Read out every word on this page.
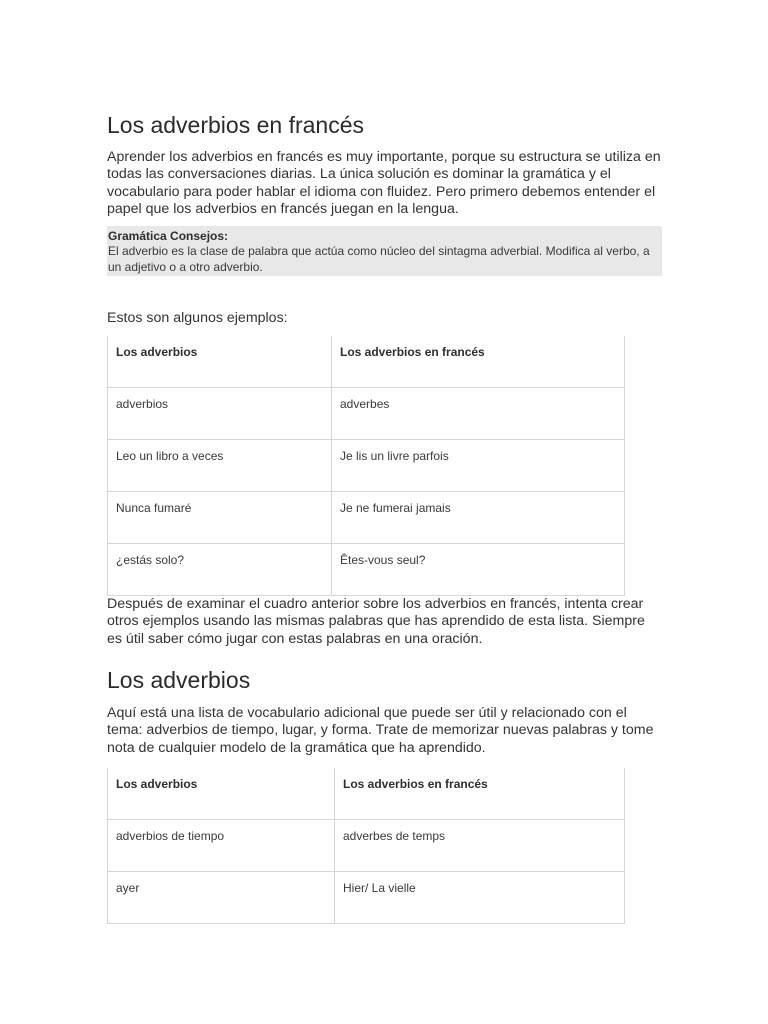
Los adverbios en francés

Aprender los adverbios en francés es muy importante, porque su estructura se utiliza en todas las conversaciones diarias. La única solución es dominar la gramática y el vocabulario para poder hablar el idioma con fluidez. Pero primero debemos entender el papel que los adverbios en francés juegan en la lengua.

Gramática Consejos:
El adverbio es la clase de palabra que actúa como núcleo del sintagma adverbial. Modifica al verbo, a un adjetivo o a otro adverbio.

Estos son algunos ejemplos:

Los adverbios	Los adverbios en francés
adverbios	adverbes
Leo un libro a veces	Je lis un livre parfois
Nunca fumaré	Je ne fumerai jamais
¿estás solo?	Êtes-vous seul?

Después de examinar el cuadro anterior sobre los adverbios en francés, intenta crear otros ejemplos usando las mismas palabras que has aprendido de esta lista. Siempre es útil saber cómo jugar con estas palabras en una oración.

Los adverbios

Aquí está una lista de vocabulario adicional que puede ser útil y relacionado con el tema: adverbios de tiempo, lugar, y forma. Trate de memorizar nuevas palabras y tome nota de cualquier modelo de la gramática que ha aprendido.

Los adverbios	Los adverbios en francés
adverbios de tiempo	adverbes de temps
ayer	Hier/ La vielle
